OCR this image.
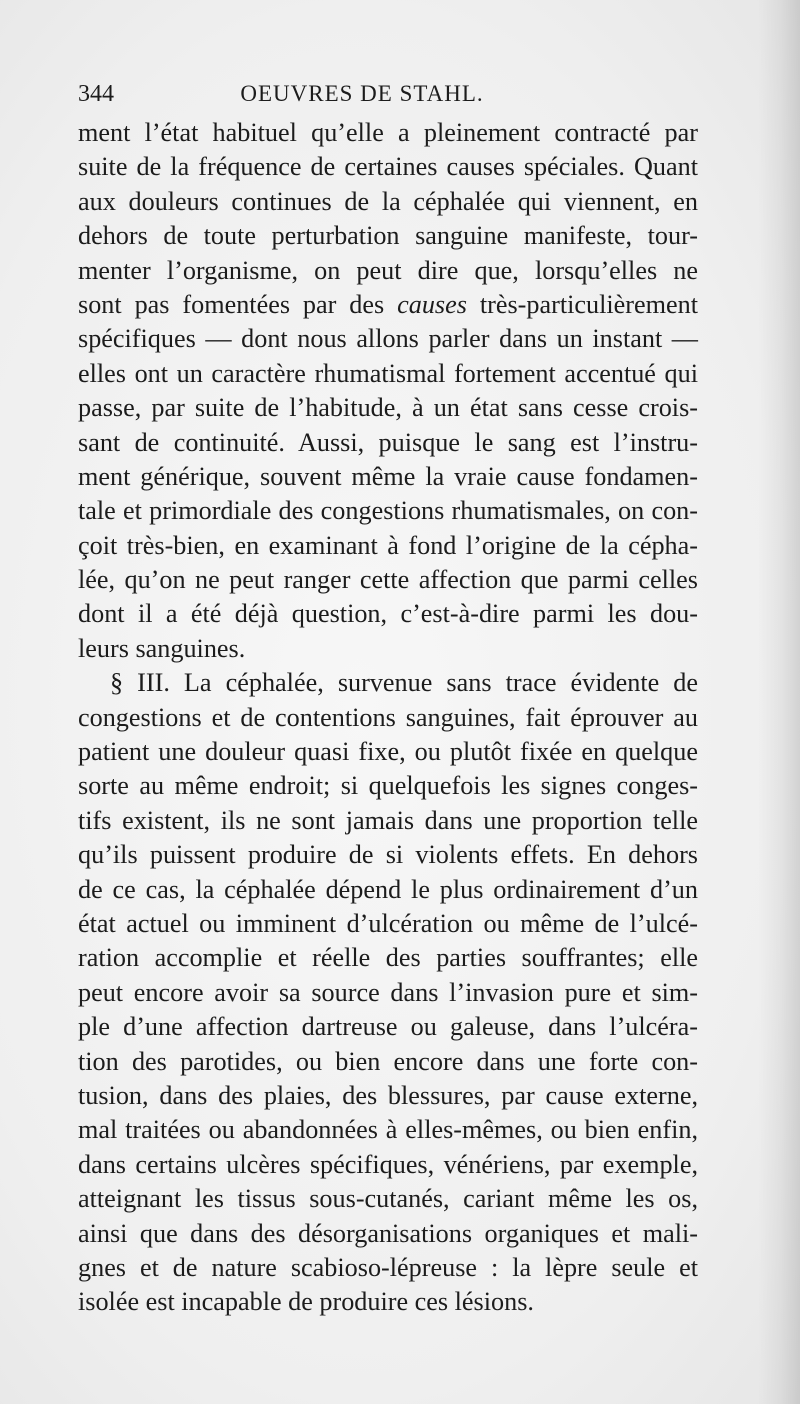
344	OEUVRES DE STAHL.
ment l’état habituel qu’elle a pleinement contracté par
suite de la fréquence de certaines causes spéciales. Quant
aux douleurs continues de la céphalée qui viennent, en
dehors de toute perturbation sanguine manifeste, tour-
menter l’organisme, on peut dire que, lorsqu’elles ne
sont pas fomentées par des causes très-particulièrement
spécifiques — dont nous allons parler dans un instant —
elles ont un caractère rhumatismal fortement accentué qui
passe, par suite de l’habitude, à un état sans cesse crois-
sant de continuité. Aussi, puisque le sang est l’instru-
ment générique, souvent même la vraie cause fondamen-
tale et primordiale des congestions rhumatismales, on con-
çoit très-bien, en examinant à fond l’origine de la cépha-
lée, qu’on ne peut ranger cette affection que parmi celles
dont il a été déjà question, c’est-à-dire parmi les dou-
leurs sanguines.
§ III. La céphalée, survenue sans trace évidente de
congestions et de contentions sanguines, fait éprouver au
patient une douleur quasi fixe, ou plutôt fixée en quelque
sorte au même endroit; si quelquefois les signes conges-
tifs existent, ils ne sont jamais dans une proportion telle
qu’ils puissent produire de si violents effets. En dehors
de ce cas, la céphalée dépend le plus ordinairement d’un
état actuel ou imminent d’ulcération ou même de l’ulcé-
ration accomplie et réelle des parties souffrantes; elle
peut encore avoir sa source dans l’invasion pure et sim-
ple d’une affection dartreuse ou galeuse, dans l’ulcéra-
tion des parotides, ou bien encore dans une forte con-
tusion, dans des plaies, des blessures, par cause externe,
mal traitées ou abandonnées à elles-mêmes, ou bien enfin,
dans certains ulcères spécifiques, vénériens, par exemple,
atteignant les tissus sous-cutanés, cariant même les os,
ainsi que dans des désorganisations organiques et mali-
gnes et de nature scabioso-lépreuse : la lèpre seule et
isolée est incapable de produire ces lésions.
